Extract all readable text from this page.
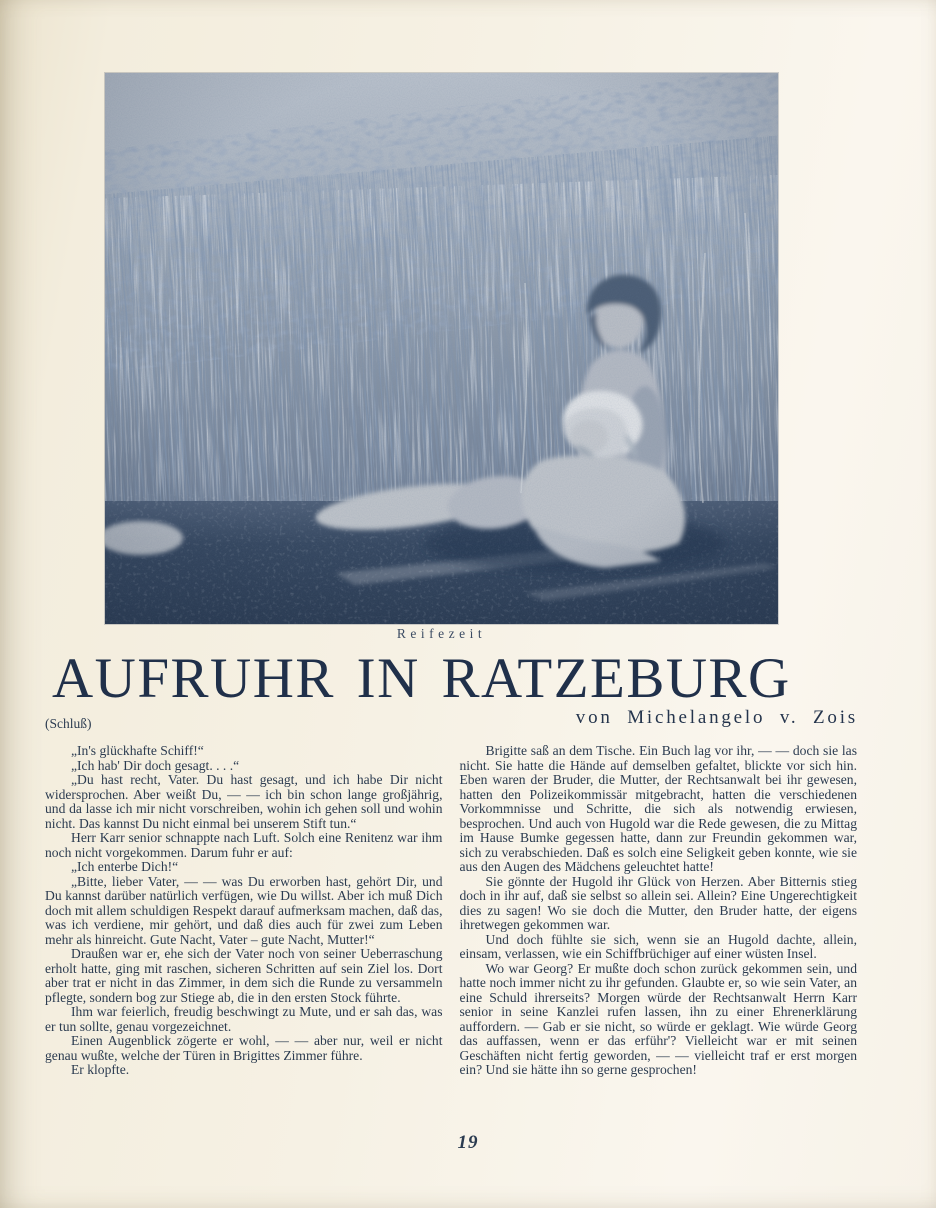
Reifezeit
AUFRUHR IN RATZEBURG
von Michelangelo v. Zois
(Schluß)

„In's glückhafte Schiff!“

„Ich hab' Dir doch gesagt. . . .“

„Du hast recht, Vater. Du hast gesagt, und ich habe Dir nicht widersprochen. Aber weißt Du, — — ich bin schon lange großjährig, und da lasse ich mir nicht vorschreiben, wohin ich gehen soll und wohin nicht. Das kannst Du nicht einmal bei unserem Stift tun.“

Herr Karr senior schnappte nach Luft. Solch eine Renitenz war ihm noch nicht vorgekommen. Darum fuhr er auf:

„Ich enterbe Dich!“

„Bitte, lieber Vater, — — was Du erworben hast, gehört Dir, und Du kannst darüber natürlich verfügen, wie Du willst. Aber ich muß Dich doch mit allem schuldigen Respekt darauf aufmerksam machen, daß das, was ich verdiene, mir gehört, und daß dies auch für zwei zum Leben mehr als hinreicht. Gute Nacht, Vater – gute Nacht, Mutter!“

Draußen war er, ehe sich der Vater noch von seiner Ueberraschung erholt hatte, ging mit raschen, sicheren Schritten auf sein Ziel los. Dort aber trat er nicht in das Zimmer, in dem sich die Runde zu versammeln pflegte, sondern bog zur Stiege ab, die in den ersten Stock führte.

Ihm war feierlich, freudig beschwingt zu Mute, und er sah das, was er tun sollte, genau vorgezeichnet.

Einen Augenblick zögerte er wohl, — — aber nur, weil er nicht genau wußte, welche der Türen in Brigittes Zimmer führe.

Er klopfte.

Brigitte saß an dem Tische. Ein Buch lag vor ihr, — — doch sie las nicht. Sie hatte die Hände auf demselben gefaltet, blickte vor sich hin. Eben waren der Bruder, die Mutter, der Rechtsanwalt bei ihr gewesen, hatten den Polizeikommissär mitgebracht, hatten die verschiedenen Vorkommnisse und Schritte, die sich als notwendig erwiesen, besprochen. Und auch von Hugold war die Rede gewesen, die zu Mittag im Hause Bumke gegessen hatte, dann zur Freundin gekommen war, sich zu verabschieden. Daß es solch eine Seligkeit geben konnte, wie sie aus den Augen des Mädchens geleuchtet hatte!

Sie gönnte der Hugold ihr Glück von Herzen. Aber Bitternis stieg doch in ihr auf, daß sie selbst so allein sei. Allein? Eine Ungerechtigkeit dies zu sagen! Wo sie doch die Mutter, den Bruder hatte, der eigens ihretwegen gekommen war.

Und doch fühlte sie sich, wenn sie an Hugold dachte, allein, einsam, verlassen, wie ein Schiffbrüchiger auf einer wüsten Insel.

Wo war Georg? Er mußte doch schon zurück gekommen sein, und hatte noch immer nicht zu ihr gefunden. Glaubte er, so wie sein Vater, an eine Schuld ihrerseits? Morgen würde der Rechtsanwalt Herrn Karr senior in seine Kanzlei rufen lassen, ihn zu einer Ehrenerklärung auffordern. — Gab er sie nicht, so würde er geklagt. Wie würde Georg das auffassen, wenn er das erführ'? Vielleicht war er mit seinen Geschäften nicht fertig geworden, — — vielleicht traf er erst morgen ein? Und sie hätte ihn so gerne gesprochen!

19
